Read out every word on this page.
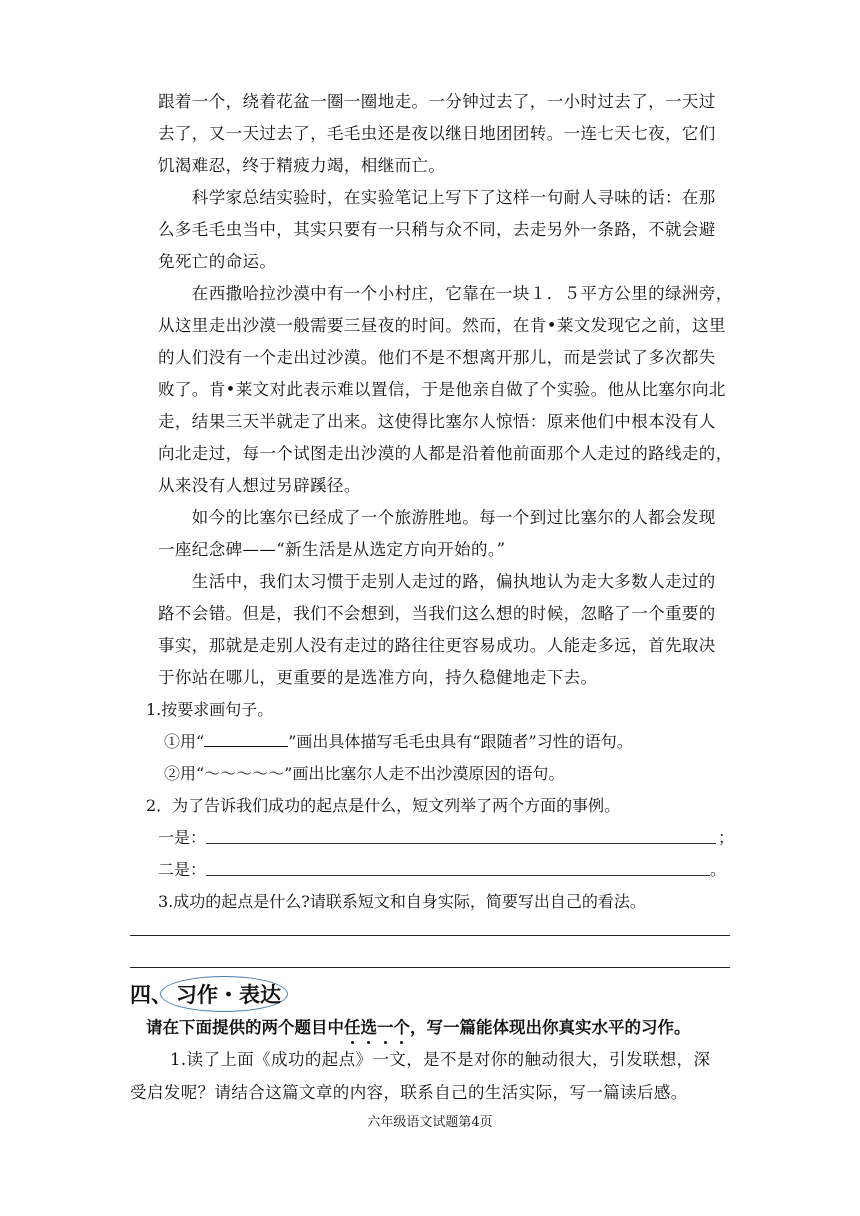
跟着一个，绕着花盆一圈一圈地走。一分钟过去了，一小时过去了，一天过
去了，又一天过去了，毛毛虫还是夜以继日地团团转。一连七天七夜，它们
饥渴难忍，终于精疲力竭，相继而亡。
　　科学家总结实验时，在实验笔记上写下了这样一句耐人寻味的话：在那
么多毛毛虫当中，其实只要有一只稍与众不同，去走另外一条路，不就会避
免死亡的命运。
　　在西撒哈拉沙漠中有一个小村庄，它靠在一块１．５平方公里的绿洲旁，
从这里走出沙漠一般需要三昼夜的时间。然而，在肯•莱文发现它之前，这里
的人们没有一个走出过沙漠。他们不是不想离开那儿，而是尝试了多次都失
败了。肯•莱文对此表示难以置信，于是他亲自做了个实验。他从比塞尔向北
走，结果三天半就走了出来。这使得比塞尔人惊悟：原来他们中根本没有人
向北走过，每一个试图走出沙漠的人都是沿着他前面那个人走过的路线走的，
从来没有人想过另辟蹊径。
　　如今的比塞尔已经成了一个旅游胜地。每一个到过比塞尔的人都会发现
一座纪念碑——“新生活是从选定方向开始的。”
　　生活中，我们太习惯于走别人走过的路，偏执地认为走大多数人走过的
路不会错。但是，我们不会想到，当我们这么想的时候，忽略了一个重要的
事实，那就是走别人没有走过的路往往更容易成功。人能走多远，首先取决
于你站在哪儿，更重要的是选准方向，持久稳健地走下去。
1.按要求画句子。
①用“	”画出具体描写毛毛虫具有“跟随者”习性的语句。
②用“～～～～～”画出比塞尔人走不出沙漠原因的语句。
2．为了告诉我们成功的起点是什么，短文列举了两个方面的事例。
一是：	；
二是：	。
3.成功的起点是什么?请联系短文和自身实际，简要写出自己的看法。
四、 习作・表达
请在下面提供的两个题目中任选一个，写一篇能体现出你真实水平的习作。
1.读了上面《成功的起点》一文，是不是对你的触动很大，引发联想，深
受启发呢？请结合这篇文章的内容，联系自己的生活实际，写一篇读后感。
六年级语文试题第4页
